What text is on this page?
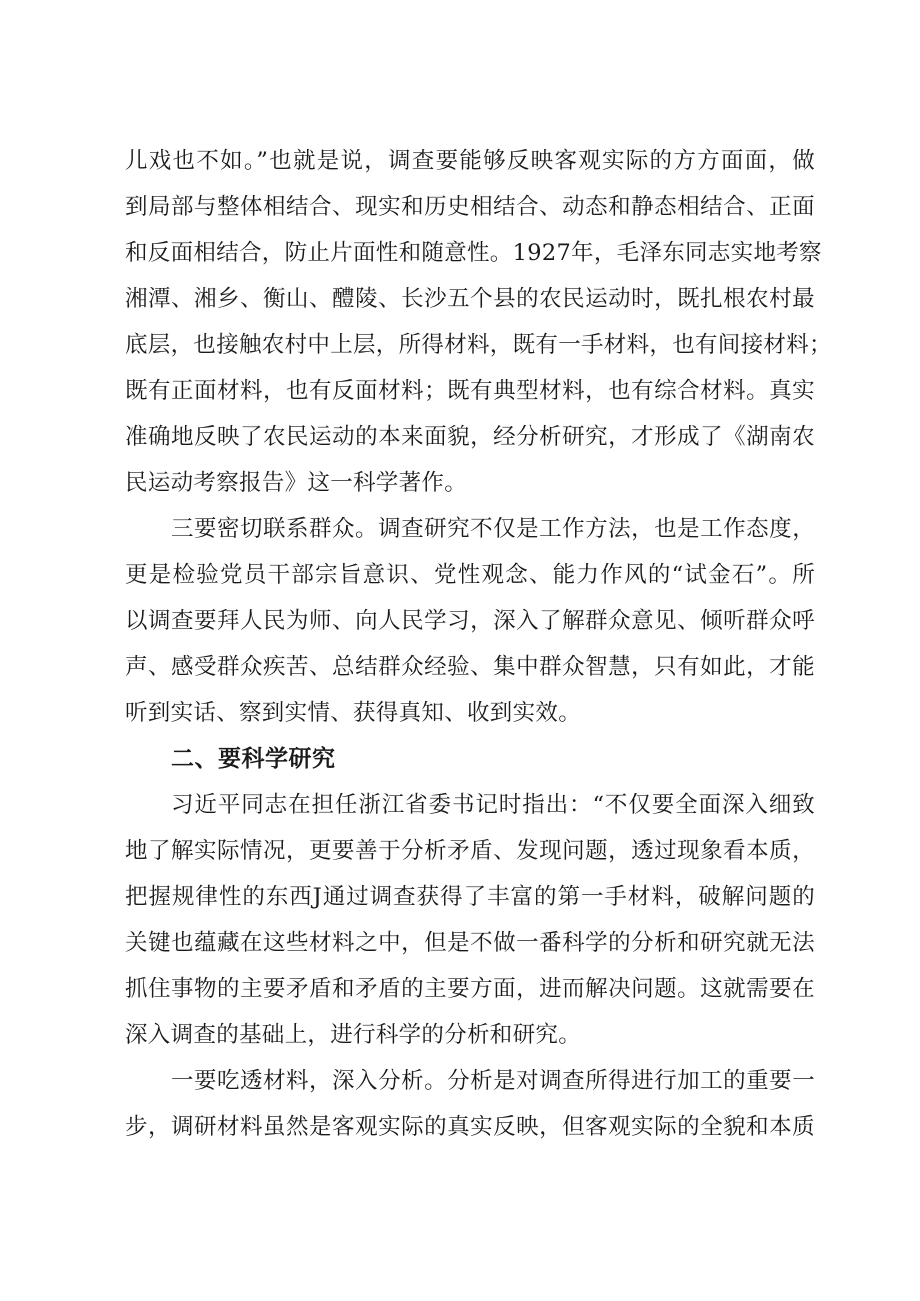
儿戏也不如。”也就是说，调查要能够反映客观实际的方方面面，做
到局部与整体相结合、现实和历史相结合、动态和静态相结合、正面
和反面相结合，防止片面性和随意性。1927年，毛泽东同志实地考察
湘潭、湘乡、衡山、醴陵、长沙五个县的农民运动时，既扎根农村最
底层，也接触农村中上层，所得材料，既有一手材料，也有间接材料；
既有正面材料，也有反面材料；既有典型材料，也有综合材料。真实
准确地反映了农民运动的本来面貌，经分析研究，才形成了《湖南农
民运动考察报告》这一科学著作。
三要密切联系群众。调查研究不仅是工作方法，也是工作态度，
更是检验党员干部宗旨意识、党性观念、能力作风的“试金石”。所
以调查要拜人民为师、向人民学习，深入了解群众意见、倾听群众呼
声、感受群众疾苦、总结群众经验、集中群众智慧，只有如此，才能
听到实话、察到实情、获得真知、收到实效。
二、要科学研究
习近平同志在担任浙江省委书记时指出：“不仅要全面深入细致
地了解实际情况，更要善于分析矛盾、发现问题，透过现象看本质，
把握规律性的东西J通过调查获得了丰富的第一手材料，破解问题的
关键也蕴藏在这些材料之中，但是不做一番科学的分析和研究就无法
抓住事物的主要矛盾和矛盾的主要方面，进而解决问题。这就需要在
深入调查的基础上，进行科学的分析和研究。
一要吃透材料，深入分析。分析是对调查所得进行加工的重要一
步，调研材料虽然是客观实际的真实反映，但客观实际的全貌和本质
